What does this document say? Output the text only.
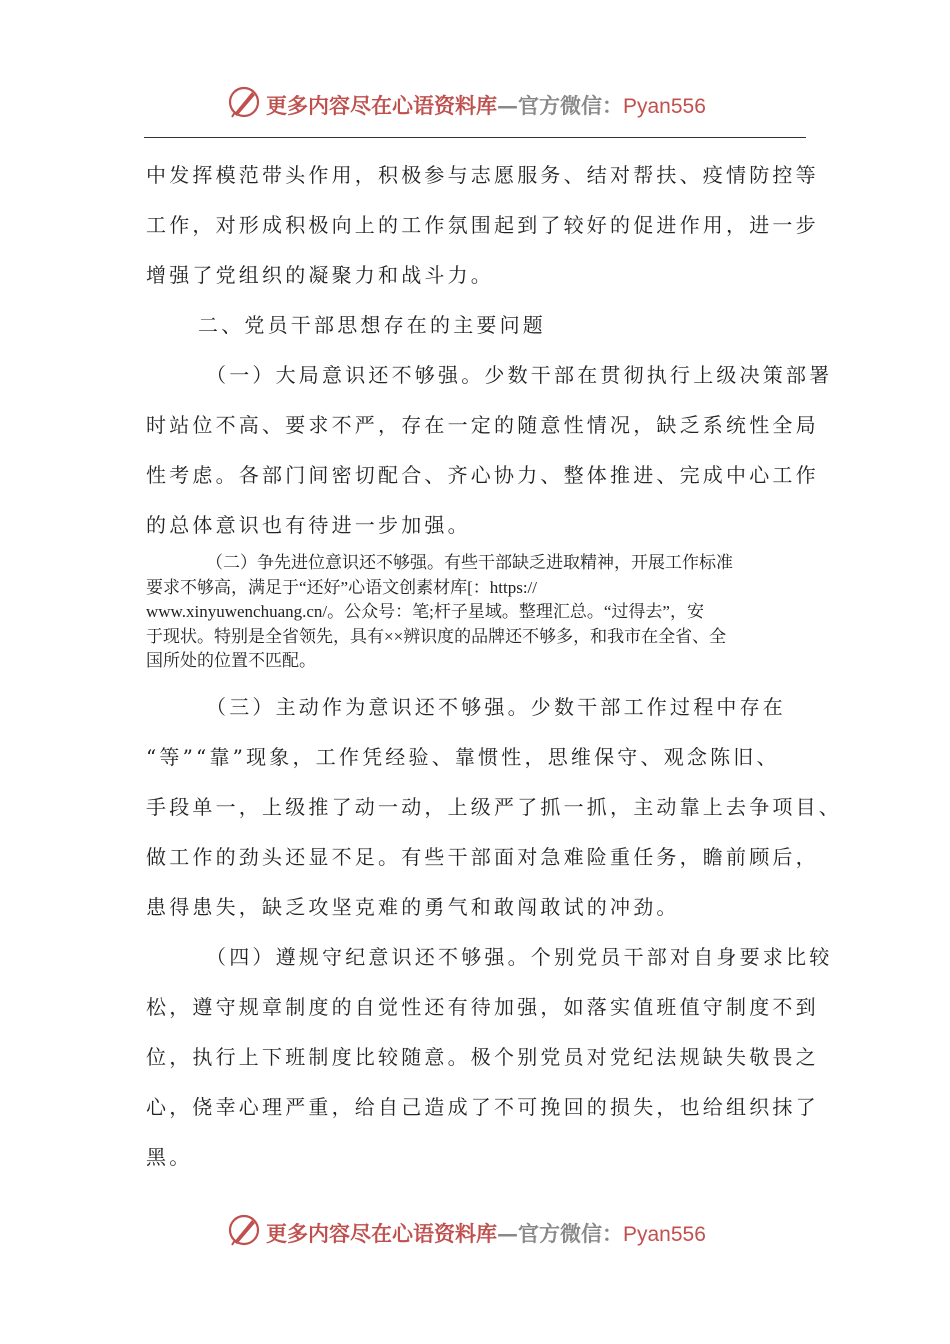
更多内容尽在心语资料库—官方微信：Pyan556
中发挥模范带头作用，积极参与志愿服务、结对帮扶、疫情防控等
工作，对形成积极向上的工作氛围起到了较好的促进作用，进一步
增强了党组织的凝聚力和战斗力。
二、党员干部思想存在的主要问题
（一）大局意识还不够强。少数干部在贯彻执行上级决策部署
时站位不高、要求不严，存在一定的随意性情况，缺乏系统性全局
性考虑。各部门间密切配合、齐心协力、整体推进、完成中心工作
的总体意识也有待进一步加强。

（二）争先进位意识还不够强。有些干部缺乏进取精神，开展工作标准

要求不够高，满足于“还好”心语文创素材库[：https://

www.xinyuwenchuang.cn/。公众号：笔;杆子星域。整理汇总。“过得去”，安

于现状。特别是全省领先，具有××辨识度的品牌还不够多，和我市在全省、全

国所处的位置不匹配。

（三）主动作为意识还不够强。少数干部工作过程中存在
“等”“靠”现象，工作凭经验、靠惯性，思维保守、观念陈旧、
手段单一，上级推了动一动，上级严了抓一抓，主动靠上去争项目、
做工作的劲头还显不足。有些干部面对急难险重任务，瞻前顾后，
患得患失，缺乏攻坚克难的勇气和敢闯敢试的冲劲。
（四）遵规守纪意识还不够强。个别党员干部对自身要求比较
松，遵守规章制度的自觉性还有待加强，如落实值班值守制度不到
位，执行上下班制度比较随意。极个别党员对党纪法规缺失敬畏之
心，侥幸心理严重，给自己造成了不可挽回的损失，也给组织抹了
黑。
更多内容尽在心语资料库—官方微信：Pyan556
